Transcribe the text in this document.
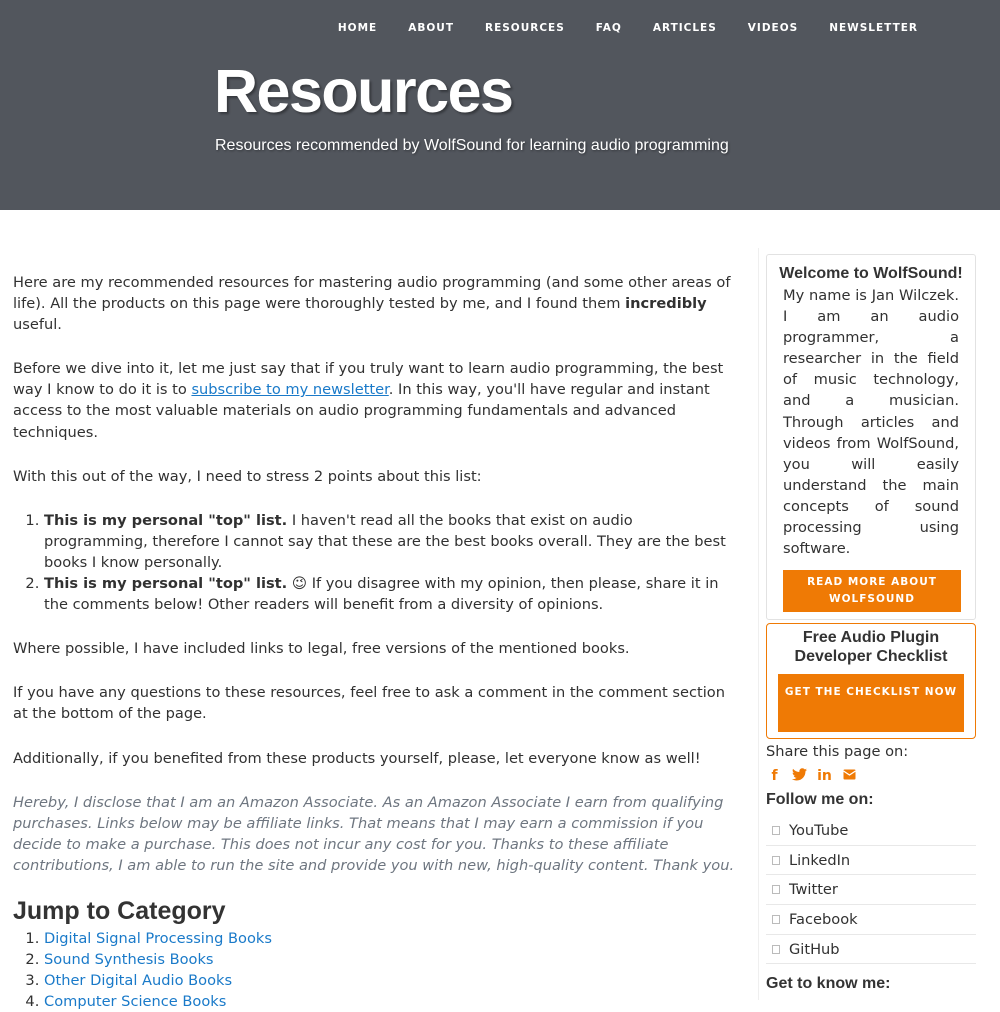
HOME	ABOUT	RESOURCES	FAQ	ARTICLES	VIDEOS	NEWSLETTER
Resources
Resources recommended by WolfSound for learning audio programming

Here are my recommended resources for mastering audio programming (and some other areas of life). All the products on this page were thoroughly tested by me, and I found them incredibly useful.

Before we dive into it, let me just say that if you truly want to learn audio programming, the best way I know to do it is to subscribe to my newsletter. In this way, you'll have regular and instant access to the most valuable materials on audio programming fundamentals and advanced techniques.

With this out of the way, I need to stress 2 points about this list:

1. This is my personal "top" list. I haven't read all the books that exist on audio programming, therefore I cannot say that these are the best books overall. They are the best books I know personally.
2. This is my personal "top" list. 😉 If you disagree with my opinion, then please, share it in the comments below! Other readers will benefit from a diversity of opinions.

Where possible, I have included links to legal, free versions of the mentioned books.

If you have any questions to these resources, feel free to ask a comment in the comment section at the bottom of the page.

Additionally, if you benefited from these products yourself, please, let everyone know as well!

Hereby, I disclose that I am an Amazon Associate. As an Amazon Associate I earn from qualifying purchases. Links below may be affiliate links. That means that I may earn a commission if you decide to make a purchase. This does not incur any cost for you. Thanks to these affiliate contributions, I am able to run the site and provide you with new, high-quality content. Thank you.

Jump to Category
1. Digital Signal Processing Books
2. Sound Synthesis Books
3. Other Digital Audio Books
4. Computer Science Books
Welcome to WolfSound!
My name is Jan Wilczek. I am an audio programmer, a researcher in the field of music technology, and a musician. Through articles and videos from WolfSound, you will easily understand the main concepts of sound processing using software.
READ MORE ABOUT WOLFSOUND
Free Audio Plugin Developer Checklist
GET THE CHECKLIST NOW
Share this page on:
f	in
Follow me on:
YouTube
LinkedIn
Twitter
Facebook
GitHub
Get to know me:
